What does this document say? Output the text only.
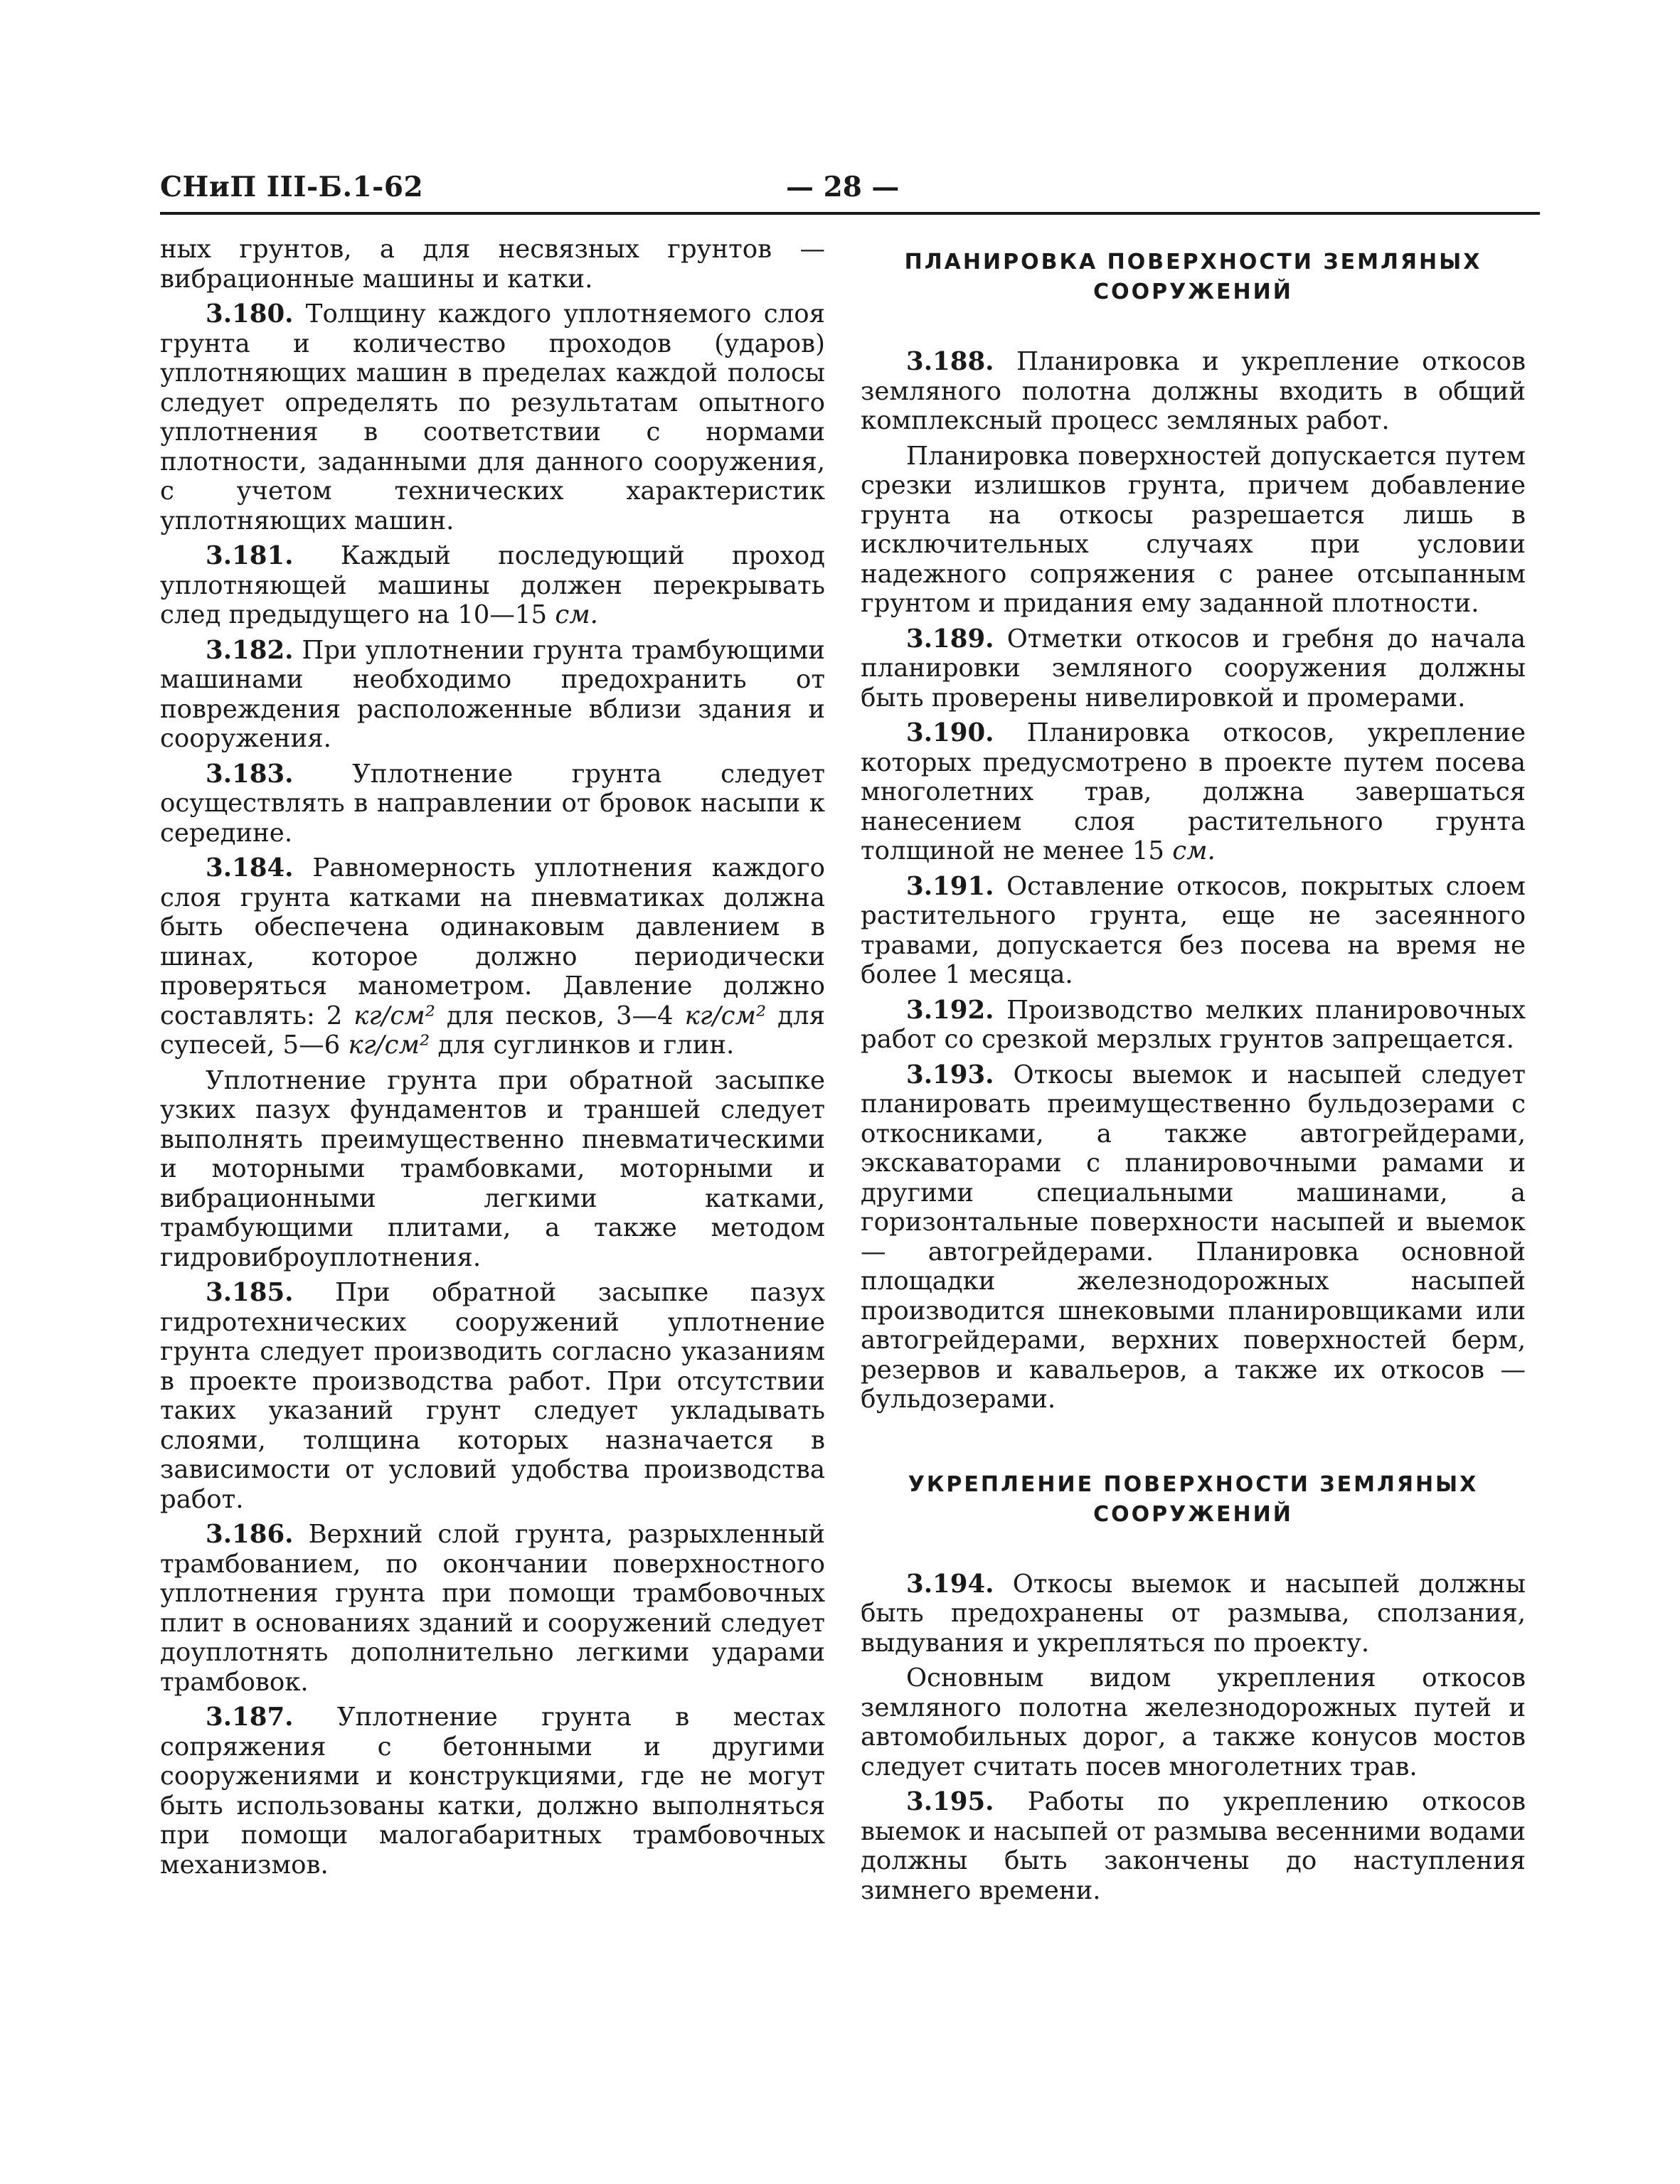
СНиП III-Б.1-62	— 28 —

ных грунтов, а для несвязных грунтов — вибрационные машины и катки.

3.180. Толщину каждого уплотняемого слоя грунта и количество проходов (ударов) уплотняющих машин в пределах каждой полосы следует определять по результатам опытного уплотнения в соответствии с нормами плотности, заданными для данного сооружения, с учетом технических характеристик уплотняющих машин.

3.181. Каждый последующий проход уплотняющей машины должен перекрывать след предыдущего на 10—15 см.

3.182. При уплотнении грунта трамбующими машинами необходимо предохранить от повреждения расположенные вблизи здания и сооружения.

3.183. Уплотнение грунта следует осуществлять в направлении от бровок насыпи к середине.

3.184. Равномерность уплотнения каждого слоя грунта катками на пневматиках должна быть обеспечена одинаковым давлением в шинах, которое должно периодически проверяться манометром. Давление должно составлять: 2 кг/см² для песков, 3—4 кг/см² для супесей, 5—6 кг/см² для суглинков и глин.

Уплотнение грунта при обратной засыпке узких пазух фундаментов и траншей следует выполнять преимущественно пневматическими и моторными трамбовками, моторными и вибрационными легкими катками, трамбующими плитами, а также методом гидровиброуплотнения.

3.185. При обратной засыпке пазух гидротехнических сооружений уплотнение грунта следует производить согласно указаниям в проекте производства работ. При отсутствии таких указаний грунт следует укладывать слоями, толщина которых назначается в зависимости от условий удобства производства работ.

3.186. Верхний слой грунта, разрыхленный трамбованием, по окончании поверхностного уплотнения грунта при помощи трамбовочных плит в основаниях зданий и сооружений следует доуплотнять дополнительно легкими ударами трамбовок.

3.187. Уплотнение грунта в местах сопряжения с бетонными и другими сооружениями и конструкциями, где не могут быть использованы катки, должно выполняться при помощи малогабаритных трамбовочных механизмов.

ПЛАНИРОВКА ПОВЕРХНОСТИ ЗЕМЛЯНЫХ СООРУЖЕНИЙ

3.188. Планировка и укрепление откосов земляного полотна должны входить в общий комплексный процесс земляных работ.

Планировка поверхностей допускается путем срезки излишков грунта, причем добавление грунта на откосы разрешается лишь в исключительных случаях при условии надежного сопряжения с ранее отсыпанным грунтом и придания ему заданной плотности.

3.189. Отметки откосов и гребня до начала планировки земляного сооружения должны быть проверены нивелировкой и промерами.

3.190. Планировка откосов, укрепление которых предусмотрено в проекте путем посева многолетних трав, должна завершаться нанесением слоя растительного грунта толщиной не менее 15 см.

3.191. Оставление откосов, покрытых слоем растительного грунта, еще не засеянного травами, допускается без посева на время не более 1 месяца.

3.192. Производство мелких планировочных работ со срезкой мерзлых грунтов запрещается.

3.193. Откосы выемок и насыпей следует планировать преимущественно бульдозерами с откосниками, а также автогрейдерами, экскаваторами с планировочными рамами и другими специальными машинами, а горизонтальные поверхности насыпей и выемок — автогрейдерами. Планировка основной площадки железнодорожных насыпей производится шнековыми планировщиками или автогрейдерами, верхних поверхностей берм, резервов и кавальеров, а также их откосов — бульдозерами.

УКРЕПЛЕНИЕ ПОВЕРХНОСТИ ЗЕМЛЯНЫХ СООРУЖЕНИЙ

3.194. Откосы выемок и насыпей должны быть предохранены от размыва, сползания, выдувания и укрепляться по проекту.

Основным видом укрепления откосов земляного полотна железнодорожных путей и автомобильных дорог, а также конусов мостов следует считать посев многолетних трав.

3.195. Работы по укреплению откосов выемок и насыпей от размыва весенними водами должны быть закончены до наступления зимнего времени.
